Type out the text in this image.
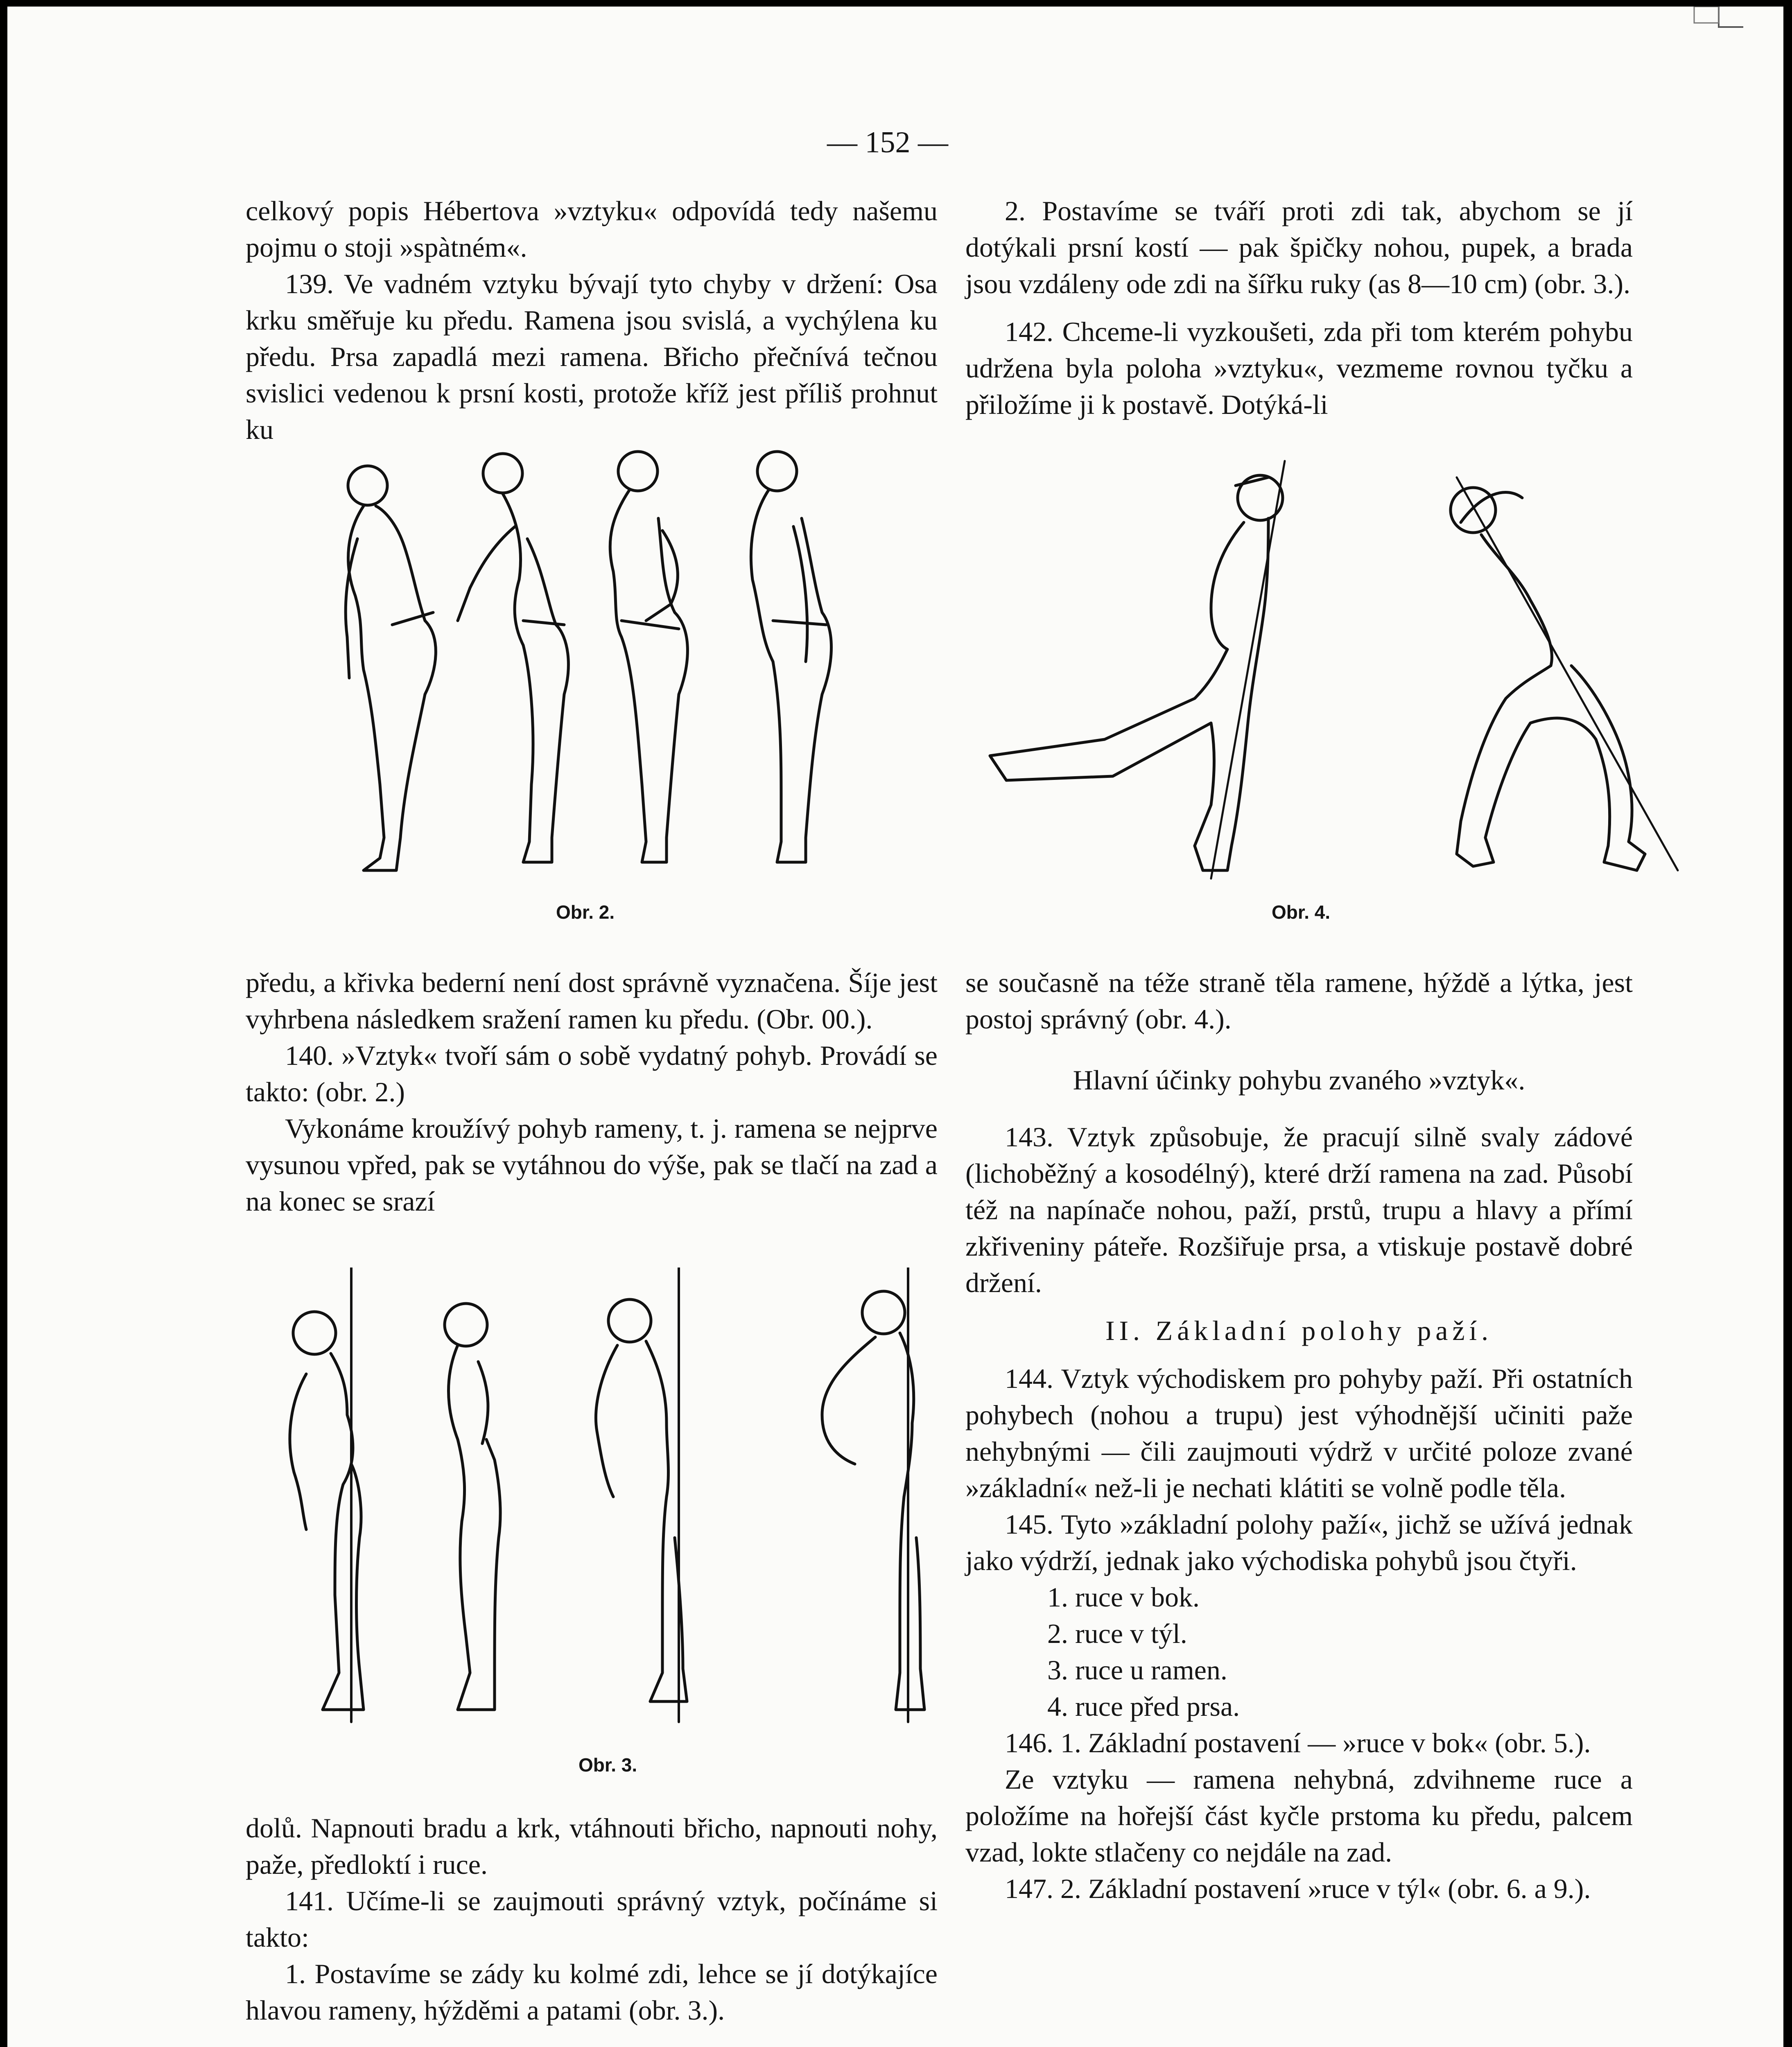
— 152 —

celkový popis Hébertova »vztyku« odpovídá tedy našemu pojmu o stoji »spàtném«.

139. Ve vadném vztyku bývají tyto chyby v držení: Osa krku směřuje ku předu. Ramena jsou svislá, a vychýlena ku předu. Prsa zapadlá mezi ramena. Břicho přečnívá tečnou svislici vedenou k prsní kosti, protože kříž jest příliš prohnut ku

2. Postavíme se tváří proti zdi tak, abychom se jí dotýkali prsní kostí — pak špičky nohou, pupek, a brada jsou vzdáleny ode zdi na šířku ruky (as 8—10 cm) (obr. 3.).

142. Chceme-li vyzkoušeti, zda při tom kterém pohybu udržena byla poloha »vztyku«, vezmeme rovnou tyčku a přiložíme ji k postavě. Dotýká-li

Obr. 2.	Obr. 4.

předu, a křivka bederní není dost správně vyznačena. Šíje jest vyhrbena následkem sražení ramen ku předu. (Obr. 00.).

140. »Vztyk« tvoří sám o sobě vydatný pohyb. Provádí se takto: (obr. 2.)

Vykonáme kroužívý pohyb rameny, t. j. ramena se nejprve vysunou vpřed, pak se vytáhnou do výše, pak se tlačí na zad a na konec se srazí

se současně na téže straně těla ramene, hýždě a lýtka, jest postoj správný (obr. 4.).

Hlavní účinky pohybu zvaného »vztyk«.

143. Vztyk způsobuje, že pracují silně svaly zádové (lichoběžný a kosodélný), které drží ramena na zad. Působí též na napínače nohou, paží, prstů, trupu a hlavy a přímí zkřiveniny páteře. Rozšiřuje prsa, a vtiskuje postavě dobré držení.

II. Základní polohy paží.

144. Vztyk východiskem pro pohyby paží. Při ostatních pohybech (nohou a trupu) jest výhodnější učiniti paže nehybnými — čili zaujmouti výdrž v určité poloze zvané »základní« než-li je nechati klátiti se volně podle těla.

145. Tyto »základní polohy paží«, jichž se užívá jednak jako výdrží, jednak jako východiska pohybů jsou čtyři.

1. ruce v bok.

2. ruce v týl.

3. ruce u ramen.

4. ruce před prsa.

146. 1. Základní postavení — »ruce v bok« (obr. 5.).

Ze vztyku — ramena nehybná, zdvihneme ruce a položíme na hořejší část kyčle prstoma ku předu, palcem vzad, lokte stlačeny co nejdále na zad.

147. 2. Základní postavení »ruce v týl« (obr. 6. a 9.).

Obr. 3.

dolů. Napnouti bradu a krk, vtáhnouti břicho, napnouti nohy, paže, předloktí i ruce.

141. Učíme-li se zaujmouti správný vztyk, počínáme si takto:

1. Postavíme se zády ku kolmé zdi, lehce se jí dotýkajíce hlavou rameny, hýžděmi a patami (obr. 3.).
